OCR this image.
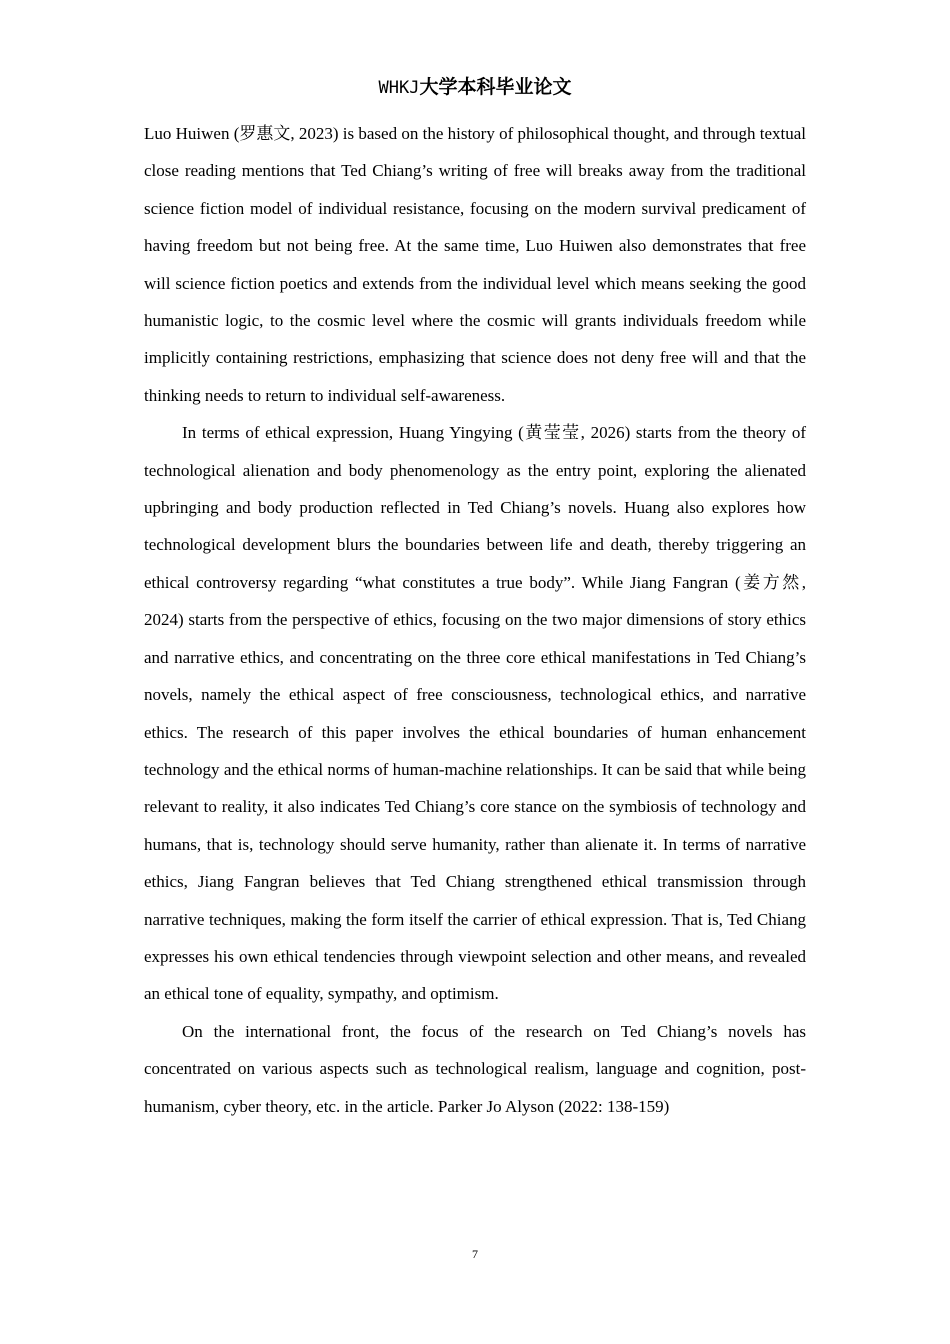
WHKJ大学本科毕业论文

Luo Huiwen (罗惠文, 2023) is based on the history of philosophical thought, and through textual close reading mentions that Ted Chiang’s writing of free will breaks away from the traditional science fiction model of individual resistance, focusing on the modern survival predicament of having freedom but not being free. At the same time, Luo Huiwen also demonstrates that free will science fiction poetics and extends from the individual level which means seeking the good humanistic logic, to the cosmic level where the cosmic will grants individuals freedom while implicitly containing restrictions, emphasizing that science does not deny free will and that the thinking needs to return to individual self-awareness.

In terms of ethical expression, Huang Yingying (黄莹莹, 2026) starts from the theory of technological alienation and body phenomenology as the entry point, exploring the alienated upbringing and body production reflected in Ted Chiang’s novels. Huang also explores how technological development blurs the boundaries between life and death, thereby triggering an ethical controversy regarding “what constitutes a true body”. While Jiang Fangran (姜方然, 2024) starts from the perspective of ethics, focusing on the two major dimensions of story ethics and narrative ethics, and concentrating on the three core ethical manifestations in Ted Chiang’s novels, namely the ethical aspect of free consciousness, technological ethics, and narrative ethics. The research of this paper involves the ethical boundaries of human enhancement technology and the ethical norms of human-machine relationships. It can be said that while being relevant to reality, it also indicates Ted Chiang’s core stance on the symbiosis of technology and humans, that is, technology should serve humanity, rather than alienate it. In terms of narrative ethics, Jiang Fangran believes that Ted Chiang strengthened ethical transmission through narrative techniques, making the form itself the carrier of ethical expression. That is, Ted Chiang expresses his own ethical tendencies through viewpoint selection and other means, and revealed an ethical tone of equality, sympathy, and optimism.

On the international front, the focus of the research on Ted Chiang’s novels has concentrated on various aspects such as technological realism, language and cognition, post-humanism, cyber theory, etc. in the article. Parker Jo Alyson (2022: 138-159)

7
